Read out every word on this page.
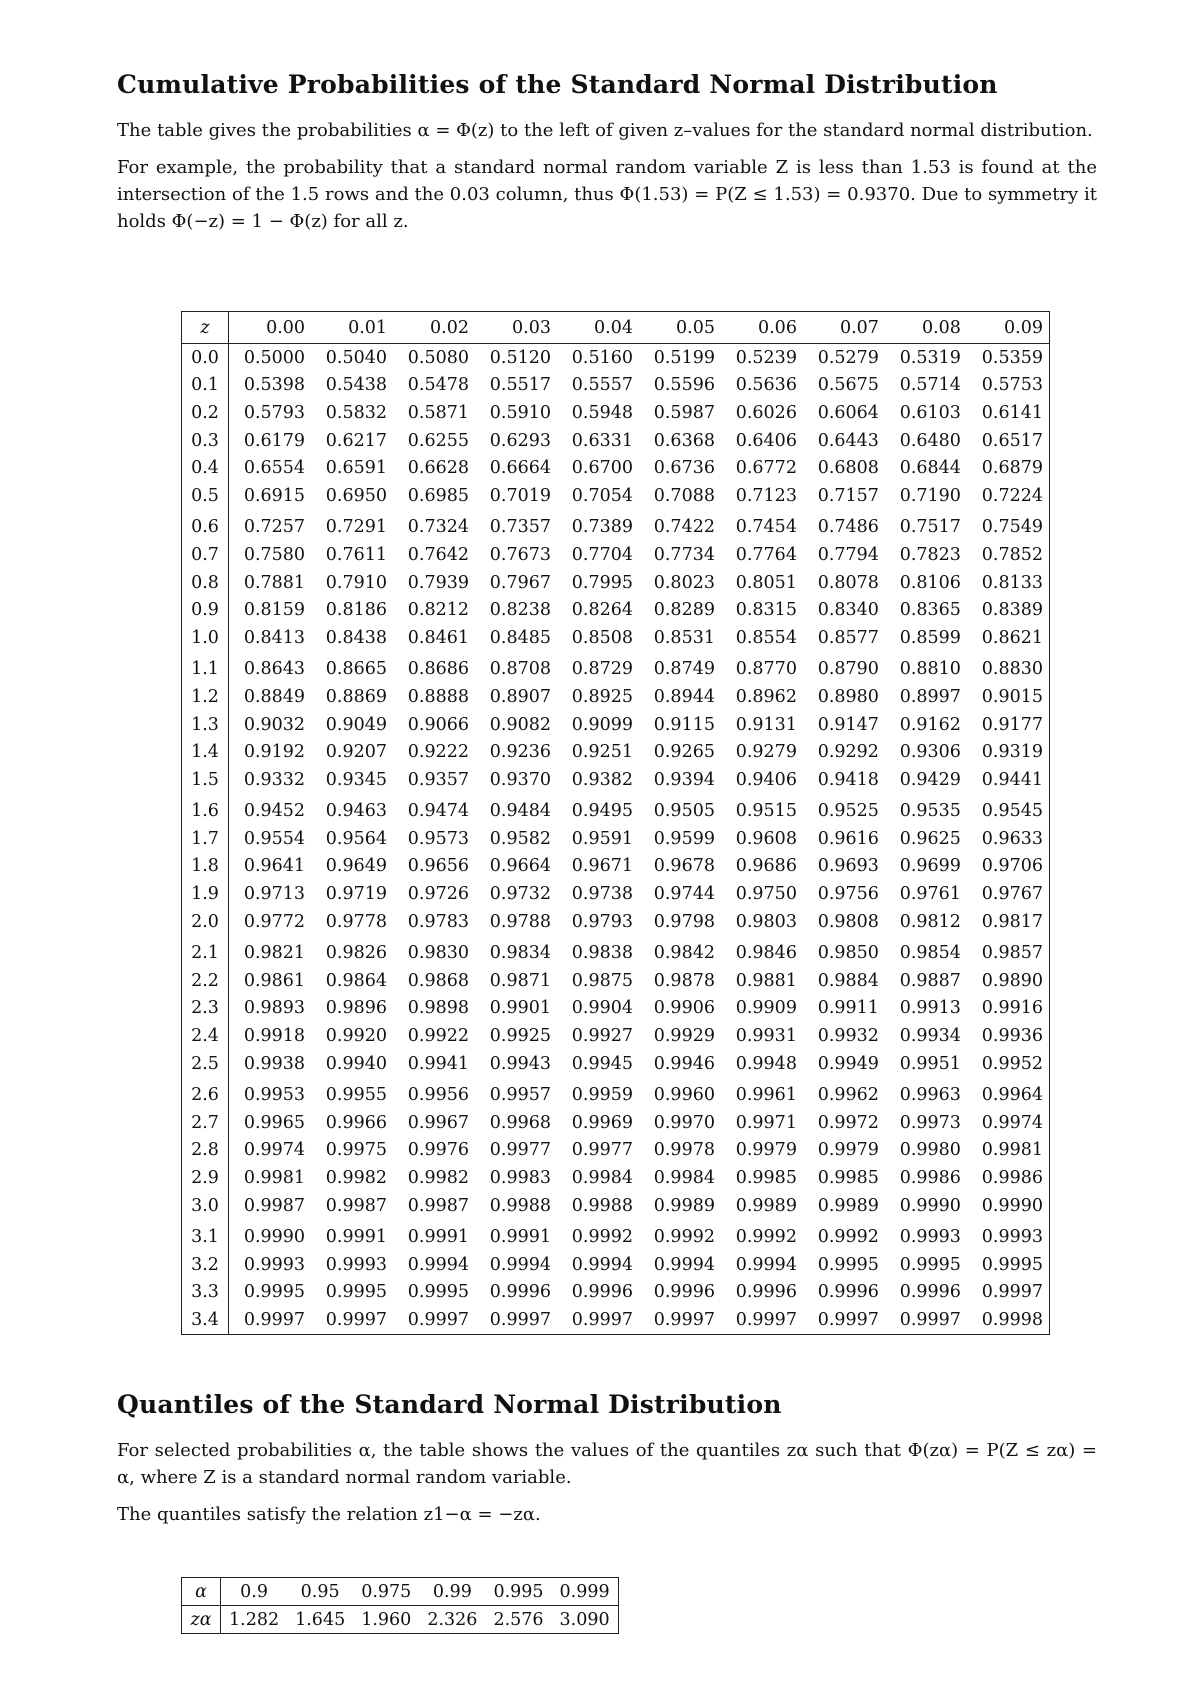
Cumulative Probabilities of the Standard Normal Distribution

The table gives the probabilities α = Φ(z) to the left of given z–values for the standard normal distribution.

For example, the probability that a standard normal random variable Z is less than 1.53 is found at the intersection of the 1.5 rows and the 0.03 column, thus Φ(1.53) = P(Z ≤ 1.53) = 0.9370. Due to symmetry it holds Φ(−z) = 1 − Φ(z) for all z.

z	0.00	0.01	0.02	0.03	0.04	0.05	0.06	0.07	0.08	0.09
0.0	0.5000	0.5040	0.5080	0.5120	0.5160	0.5199	0.5239	0.5279	0.5319	0.5359
0.1	0.5398	0.5438	0.5478	0.5517	0.5557	0.5596	0.5636	0.5675	0.5714	0.5753
0.2	0.5793	0.5832	0.5871	0.5910	0.5948	0.5987	0.6026	0.6064	0.6103	0.6141
0.3	0.6179	0.6217	0.6255	0.6293	0.6331	0.6368	0.6406	0.6443	0.6480	0.6517
0.4	0.6554	0.6591	0.6628	0.6664	0.6700	0.6736	0.6772	0.6808	0.6844	0.6879
0.5	0.6915	0.6950	0.6985	0.7019	0.7054	0.7088	0.7123	0.7157	0.7190	0.7224
0.6	0.7257	0.7291	0.7324	0.7357	0.7389	0.7422	0.7454	0.7486	0.7517	0.7549
0.7	0.7580	0.7611	0.7642	0.7673	0.7704	0.7734	0.7764	0.7794	0.7823	0.7852
0.8	0.7881	0.7910	0.7939	0.7967	0.7995	0.8023	0.8051	0.8078	0.8106	0.8133
0.9	0.8159	0.8186	0.8212	0.8238	0.8264	0.8289	0.8315	0.8340	0.8365	0.8389
1.0	0.8413	0.8438	0.8461	0.8485	0.8508	0.8531	0.8554	0.8577	0.8599	0.8621
1.1	0.8643	0.8665	0.8686	0.8708	0.8729	0.8749	0.8770	0.8790	0.8810	0.8830
1.2	0.8849	0.8869	0.8888	0.8907	0.8925	0.8944	0.8962	0.8980	0.8997	0.9015
1.3	0.9032	0.9049	0.9066	0.9082	0.9099	0.9115	0.9131	0.9147	0.9162	0.9177
1.4	0.9192	0.9207	0.9222	0.9236	0.9251	0.9265	0.9279	0.9292	0.9306	0.9319
1.5	0.9332	0.9345	0.9357	0.9370	0.9382	0.9394	0.9406	0.9418	0.9429	0.9441
1.6	0.9452	0.9463	0.9474	0.9484	0.9495	0.9505	0.9515	0.9525	0.9535	0.9545
1.7	0.9554	0.9564	0.9573	0.9582	0.9591	0.9599	0.9608	0.9616	0.9625	0.9633
1.8	0.9641	0.9649	0.9656	0.9664	0.9671	0.9678	0.9686	0.9693	0.9699	0.9706
1.9	0.9713	0.9719	0.9726	0.9732	0.9738	0.9744	0.9750	0.9756	0.9761	0.9767
2.0	0.9772	0.9778	0.9783	0.9788	0.9793	0.9798	0.9803	0.9808	0.9812	0.9817
2.1	0.9821	0.9826	0.9830	0.9834	0.9838	0.9842	0.9846	0.9850	0.9854	0.9857
2.2	0.9861	0.9864	0.9868	0.9871	0.9875	0.9878	0.9881	0.9884	0.9887	0.9890
2.3	0.9893	0.9896	0.9898	0.9901	0.9904	0.9906	0.9909	0.9911	0.9913	0.9916
2.4	0.9918	0.9920	0.9922	0.9925	0.9927	0.9929	0.9931	0.9932	0.9934	0.9936
2.5	0.9938	0.9940	0.9941	0.9943	0.9945	0.9946	0.9948	0.9949	0.9951	0.9952
2.6	0.9953	0.9955	0.9956	0.9957	0.9959	0.9960	0.9961	0.9962	0.9963	0.9964
2.7	0.9965	0.9966	0.9967	0.9968	0.9969	0.9970	0.9971	0.9972	0.9973	0.9974
2.8	0.9974	0.9975	0.9976	0.9977	0.9977	0.9978	0.9979	0.9979	0.9980	0.9981
2.9	0.9981	0.9982	0.9982	0.9983	0.9984	0.9984	0.9985	0.9985	0.9986	0.9986
3.0	0.9987	0.9987	0.9987	0.9988	0.9988	0.9989	0.9989	0.9989	0.9990	0.9990
3.1	0.9990	0.9991	0.9991	0.9991	0.9992	0.9992	0.9992	0.9992	0.9993	0.9993
3.2	0.9993	0.9993	0.9994	0.9994	0.9994	0.9994	0.9994	0.9995	0.9995	0.9995
3.3	0.9995	0.9995	0.9995	0.9996	0.9996	0.9996	0.9996	0.9996	0.9996	0.9997
3.4	0.9997	0.9997	0.9997	0.9997	0.9997	0.9997	0.9997	0.9997	0.9997	0.9998
Quantiles of the Standard Normal Distribution

For selected probabilities α, the table shows the values of the quantiles zα such that Φ(zα) = P(Z ≤ zα) = α, where Z is a standard normal random variable.

The quantiles satisfy the relation z1−α = −zα.

α	0.9	0.95	0.975	0.99	0.995	0.999
zα	1.282	1.645	1.960	2.326	2.576	3.090
